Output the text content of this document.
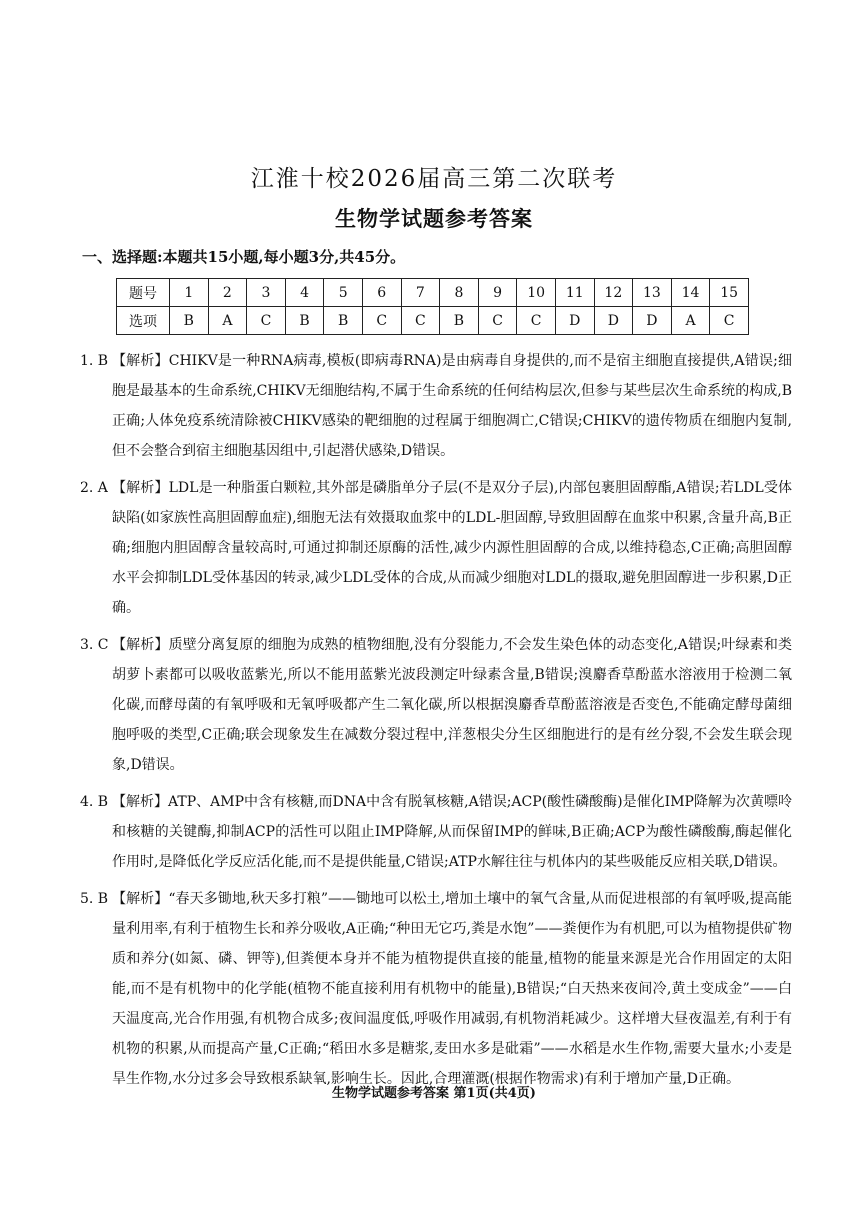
江淮十校2026届高三第二次联考
生物学试题参考答案
一、选择题:本题共15小题,每小题3分,共45分。
题号	1	2	3	4	5	6	7	8	9	10	11	12	13	14	15
选项	B	A	C	B	B	C	C	B	C	C	D	D	D	A	C
1. B 【解析】CHIKV是一种RNA病毒,模板(即病毒RNA)是由病毒自身提供的,而不是宿主细胞直接提供,A错误;细胞是最基本的生命系统,CHIKV无细胞结构,不属于生命系统的任何结构层次,但参与某些层次生命系统的构成,B正确;人体免疫系统清除被CHIKV感染的靶细胞的过程属于细胞凋亡,C错误;CHIKV的遗传物质在细胞内复制,但不会整合到宿主细胞基因组中,引起潜伏感染,D错误。
2. A 【解析】LDL是一种脂蛋白颗粒,其外部是磷脂单分子层(不是双分子层),内部包裹胆固醇酯,A错误;若LDL受体缺陷(如家族性高胆固醇血症),细胞无法有效摄取血浆中的LDL-胆固醇,导致胆固醇在血浆中积累,含量升高,B正确;细胞内胆固醇含量较高时,可通过抑制还原酶的活性,减少内源性胆固醇的合成,以维持稳态,C正确;高胆固醇水平会抑制LDL受体基因的转录,减少LDL受体的合成,从而减少细胞对LDL的摄取,避免胆固醇进一步积累,D正确。
3. C 【解析】质壁分离复原的细胞为成熟的植物细胞,没有分裂能力,不会发生染色体的动态变化,A错误;叶绿素和类胡萝卜素都可以吸收蓝紫光,所以不能用蓝紫光波段测定叶绿素含量,B错误;溴麝香草酚蓝水溶液用于检测二氧化碳,而酵母菌的有氧呼吸和无氧呼吸都产生二氧化碳,所以根据溴麝香草酚蓝溶液是否变色,不能确定酵母菌细胞呼吸的类型,C正确;联会现象发生在减数分裂过程中,洋葱根尖分生区细胞进行的是有丝分裂,不会发生联会现象,D错误。
4. B 【解析】ATP、AMP中含有核糖,而DNA中含有脱氧核糖,A错误;ACP(酸性磷酸酶)是催化IMP降解为次黄嘌呤和核糖的关键酶,抑制ACP的活性可以阻止IMP降解,从而保留IMP的鲜味,B正确;ACP为酸性磷酸酶,酶起催化作用时,是降低化学反应活化能,而不是提供能量,C错误;ATP水解往往与机体内的某些吸能反应相关联,D错误。
5. B 【解析】“春天多锄地,秋天多打粮”——锄地可以松土,增加土壤中的氧气含量,从而促进根部的有氧呼吸,提高能量利用率,有利于植物生长和养分吸收,A正确;“种田无它巧,粪是水饱”——粪便作为有机肥,可以为植物提供矿物质和养分(如氮、磷、钾等),但粪便本身并不能为植物提供直接的能量,植物的能量来源是光合作用固定的太阳能,而不是有机物中的化学能(植物不能直接利用有机物中的能量),B错误;“白天热来夜间冷,黄土变成金”——白天温度高,光合作用强,有机物合成多;夜间温度低,呼吸作用减弱,有机物消耗减少。这样增大昼夜温差,有利于有机物的积累,从而提高产量,C正确;“稻田水多是糖浆,麦田水多是砒霜”——水稻是水生作物,需要大量水;小麦是旱生作物,水分过多会导致根系缺氧,影响生长。因此,合理灌溉(根据作物需求)有利于增加产量,D正确。
生物学试题参考答案 第1页(共4页)
